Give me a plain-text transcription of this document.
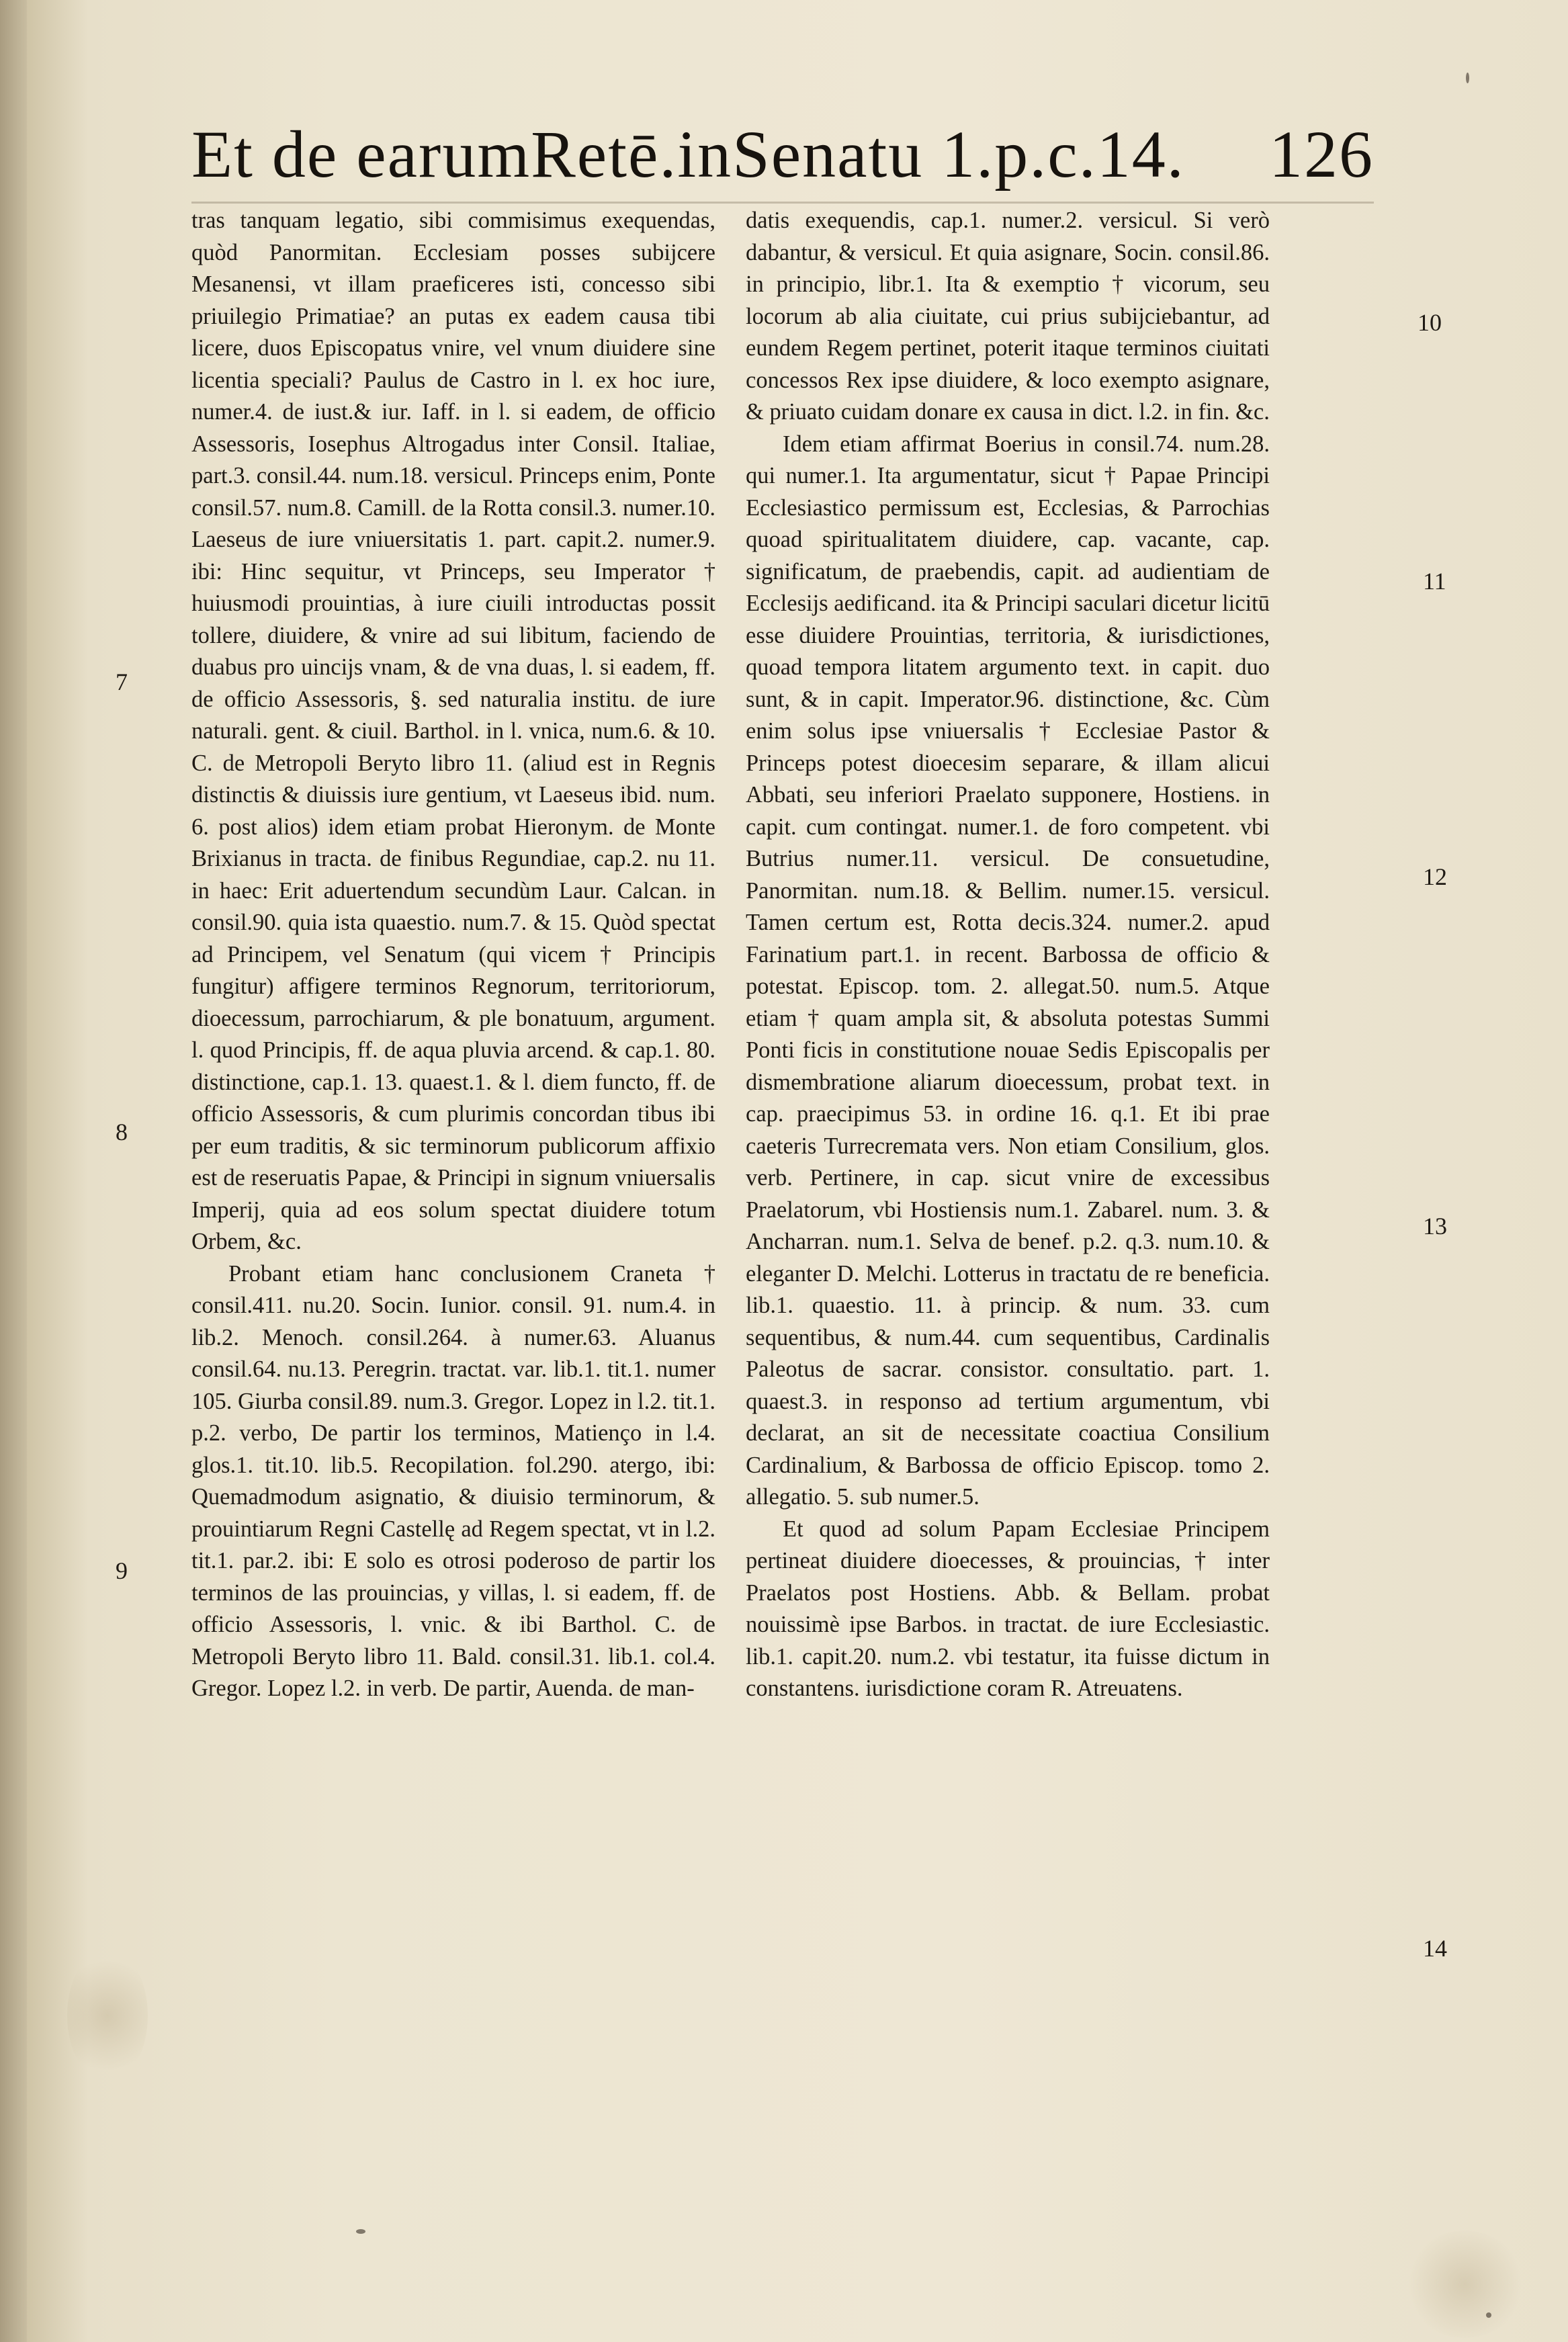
Et de earumRetē.inSenatu 1.p.c.14. 126

tras tanquam legatio, sibi commisimus exequendas, quòd Panormitan. Ecclesiam posses subijcere Mesanensi, vt illam praeficeres isti, concesso sibi priuilegio Primatiae? an putas ex eadem causa tibi licere, duos Episcopatus vnire, vel vnum diuidere sine licentia speciali? Paulus de Castro in l. ex hoc iure, numer.4. de iust.& iur. Iaff. in l. si eadem, de officio Assessoris, Iosephus Altrogadus inter Consil. Italiae, part.3. consil.44. num.18. versicul. Princeps enim, Ponte consil.57. num.8. Camill. de la Rotta consil.3. numer.10. Laeseus de iure vniuersitatis 1. part. capit.2. numer.9. ibi: Hinc sequitur, vt Princeps, seu Imperator † huiusmodi prouintias, à iure ciuili introductas possit tollere, diuidere, & vnire ad sui libitum, faciendo de duabus pro uincijs vnam, & de vna duas, l. si eadem, ff. de officio Assessoris, §. sed naturalia institu. de iure naturali. gent. & ciuil. Barthol. in l. vnica, num.6. & 10. C. de Metropoli Beryto libro 11. (aliud est in Regnis distinctis & diuissis iure gentium, vt Laeseus ibid. num. 6. post alios) idem etiam probat Hieronym. de Monte Brixianus in tracta. de finibus Regundiae, cap.2. nu 11. in haec: Erit aduertendum secundùm Laur. Calcan. in consil.90. quia ista quaestio. num.7. & 15. Quòd spectat ad Principem, vel Senatum (qui vicem † Principis fungitur) affigere terminos Regnorum, territoriorum, dioecessum, parrochiarum, & ple bonatuum, argument. l. quod Principis, ff. de aqua pluvia arcend. & cap.1. 80. distinctione, cap.1. 13. quaest.1. & l. diem functo, ff. de officio Assessoris, & cum plurimis concordan tibus ibi per eum traditis, & sic terminorum publicorum affixio est de reseruatis Papae, & Principi in signum vniuersalis Imperij, quia ad eos solum spectat diuidere totum Orbem, &c.

Probant etiam hanc conclusionem Craneta † consil.411. nu.20. Socin. Iunior. consil. 91. num.4. in lib.2. Menoch. consil.264. à numer.63. Aluanus consil.64. nu.13. Peregrin. tractat. var. lib.1. tit.1. numer 105. Giurba consil.89. num.3. Gregor. Lopez in l.2. tit.1. p.2. verbo, De partir los terminos, Matienço in l.4. glos.1. tit.10. lib.5. Recopilation. fol.290. atergo, ibi: Quemadmodum asignatio, & diuisio terminorum, & prouintiarum Regni Castellę ad Regem spectat, vt in l.2. tit.1. par.2. ibi: E solo es otrosi poderoso de partir los terminos de las prouincias, y villas, l. si eadem, ff. de officio Assessoris, l. vnic. & ibi Barthol. C. de Metropoli Beryto libro 11. Bald. consil.31. lib.1. col.4. Gregor. Lopez l.2. in verb. De partir, Auenda. de man-

datis exequendis, cap.1. numer.2. versicul. Si verò dabantur, & versicul. Et quia asignare, Socin. consil.86. in principio, libr.1. Ita & exemptio † vicorum, seu locorum ab alia ciuitate, cui prius subijciebantur, ad eundem Regem pertinet, poterit itaque terminos ciuitati concessos Rex ipse diuidere, & loco exempto asignare, & priuato cuidam donare ex causa in dict. l.2. in fin. &c.

Idem etiam affirmat Boerius in consil.74. num.28. qui numer.1. Ita argumentatur, sicut † Papae Principi Ecclesiastico permissum est, Ecclesias, & Parrochias quoad spiritualitatem diuidere, cap. vacante, cap. significatum, de praebendis, capit. ad audientiam de Ecclesijs aedificand. ita & Principi saculari dicetur licitū esse diuidere Prouintias, territoria, & iurisdictiones, quoad tempora litatem argumento text. in capit. duo sunt, & in capit. Imperator.96. distinctione, &c. Cùm enim solus ipse vniuersalis † Ecclesiae Pastor & Princeps potest dioecesim separare, & illam alicui Abbati, seu inferiori Praelato supponere, Hostiens. in capit. cum contingat. numer.1. de foro competent. vbi Butrius numer.11. versicul. De consuetudine, Panormitan. num.18. & Bellim. numer.15. versicul. Tamen certum est, Rotta decis.324. numer.2. apud Farinatium part.1. in recent. Barbossa de officio & potestat. Episcop. tom. 2. allegat.50. num.5. Atque etiam † quam ampla sit, & absoluta potestas Summi Ponti ficis in constitutione nouae Sedis Episcopalis per dismembratione aliarum dioecessum, probat text. in cap. praecipimus 53. in ordine 16. q.1. Et ibi prae caeteris Turrecremata vers. Non etiam Consilium, glos. verb. Pertinere, in cap. sicut vnire de excessibus Praelatorum, vbi Hostiensis num.1. Zabarel. num. 3. & Ancharran. num.1. Selva de benef. p.2. q.3. num.10. & eleganter D. Melchi. Lotterus in tractatu de re beneficia. lib.1. quaestio. 11. à princip. & num. 33. cum sequentibus, & num.44. cum sequentibus, Cardinalis Paleotus de sacrar. consistor. consultatio. part. 1. quaest.3. in responso ad tertium argumentum, vbi declarat, an sit de necessitate coactiua Consilium Cardinalium, & Barbossa de officio Episcop. tomo 2. allegatio. 5. sub numer.5.

Et quod ad solum Papam Ecclesiae Principem pertineat diuidere dioecesses, & prouincias, † inter Praelatos post Hostiens. Abb. & Bellam. probat nouissimè ipse Barbos. in tractat. de iure Ecclesiastic. lib.1. capit.20. num.2. vbi testatur, ita fuisse dictum in constantens. iurisdictione coram R. Atreuatens.

7
8
9
10
11
12
13
14
